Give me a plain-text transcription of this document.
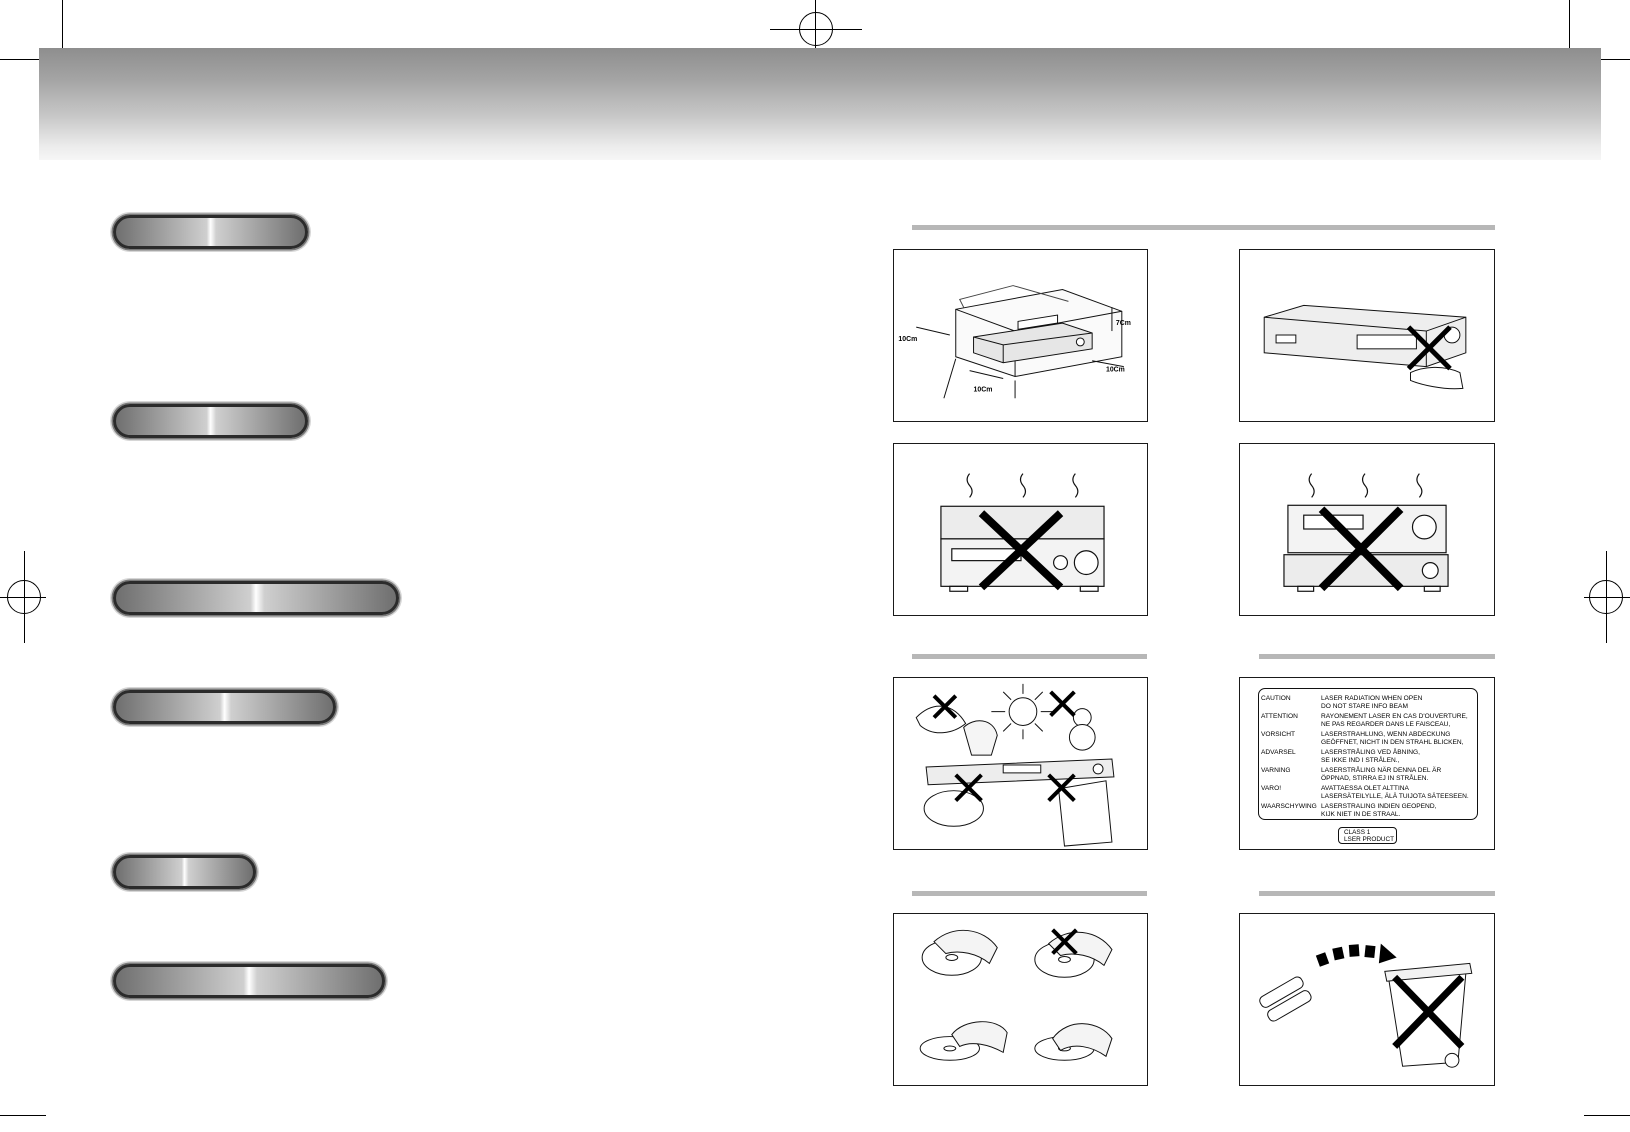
10Cm
7Cm
10Cm
10Cm
CAUTION	LASER RADIATION WHEN OPEN
DO NOT STARE INFO BEAM
ATTENTION	RAYONEMENT LASER EN CAS D'OUVERTURE,
NE PAS REGARDER DANS LE FAISCEAU,
VORSICHT	LASERSTRAHLUNG, WENN ABDECKUNG
GEÖFFNET, NICHT IN DEN STRAHL BLICKEN,
ADVARSEL	LASERSTRÅLING VED ÅBNING,
SE IKKE IND I STRÅLEN.,
VARNING	LASERSTRÅLING NÄR DENNA DEL ÄR
ÖPPNAD, STIRRA EJ IN STRÅLEN.
VARO!	AVATTAESSA OLET ALTTINA
LASERSÄTEILYLLE, ÄLÄ TUIJOTA SÄTEESEEN.
WAARSCHYWING LASERSTRALING INDIEN GEOPEND,
KIJK NIET IN DE STRAAL.
CLASS 1
LSER PRODUCT
